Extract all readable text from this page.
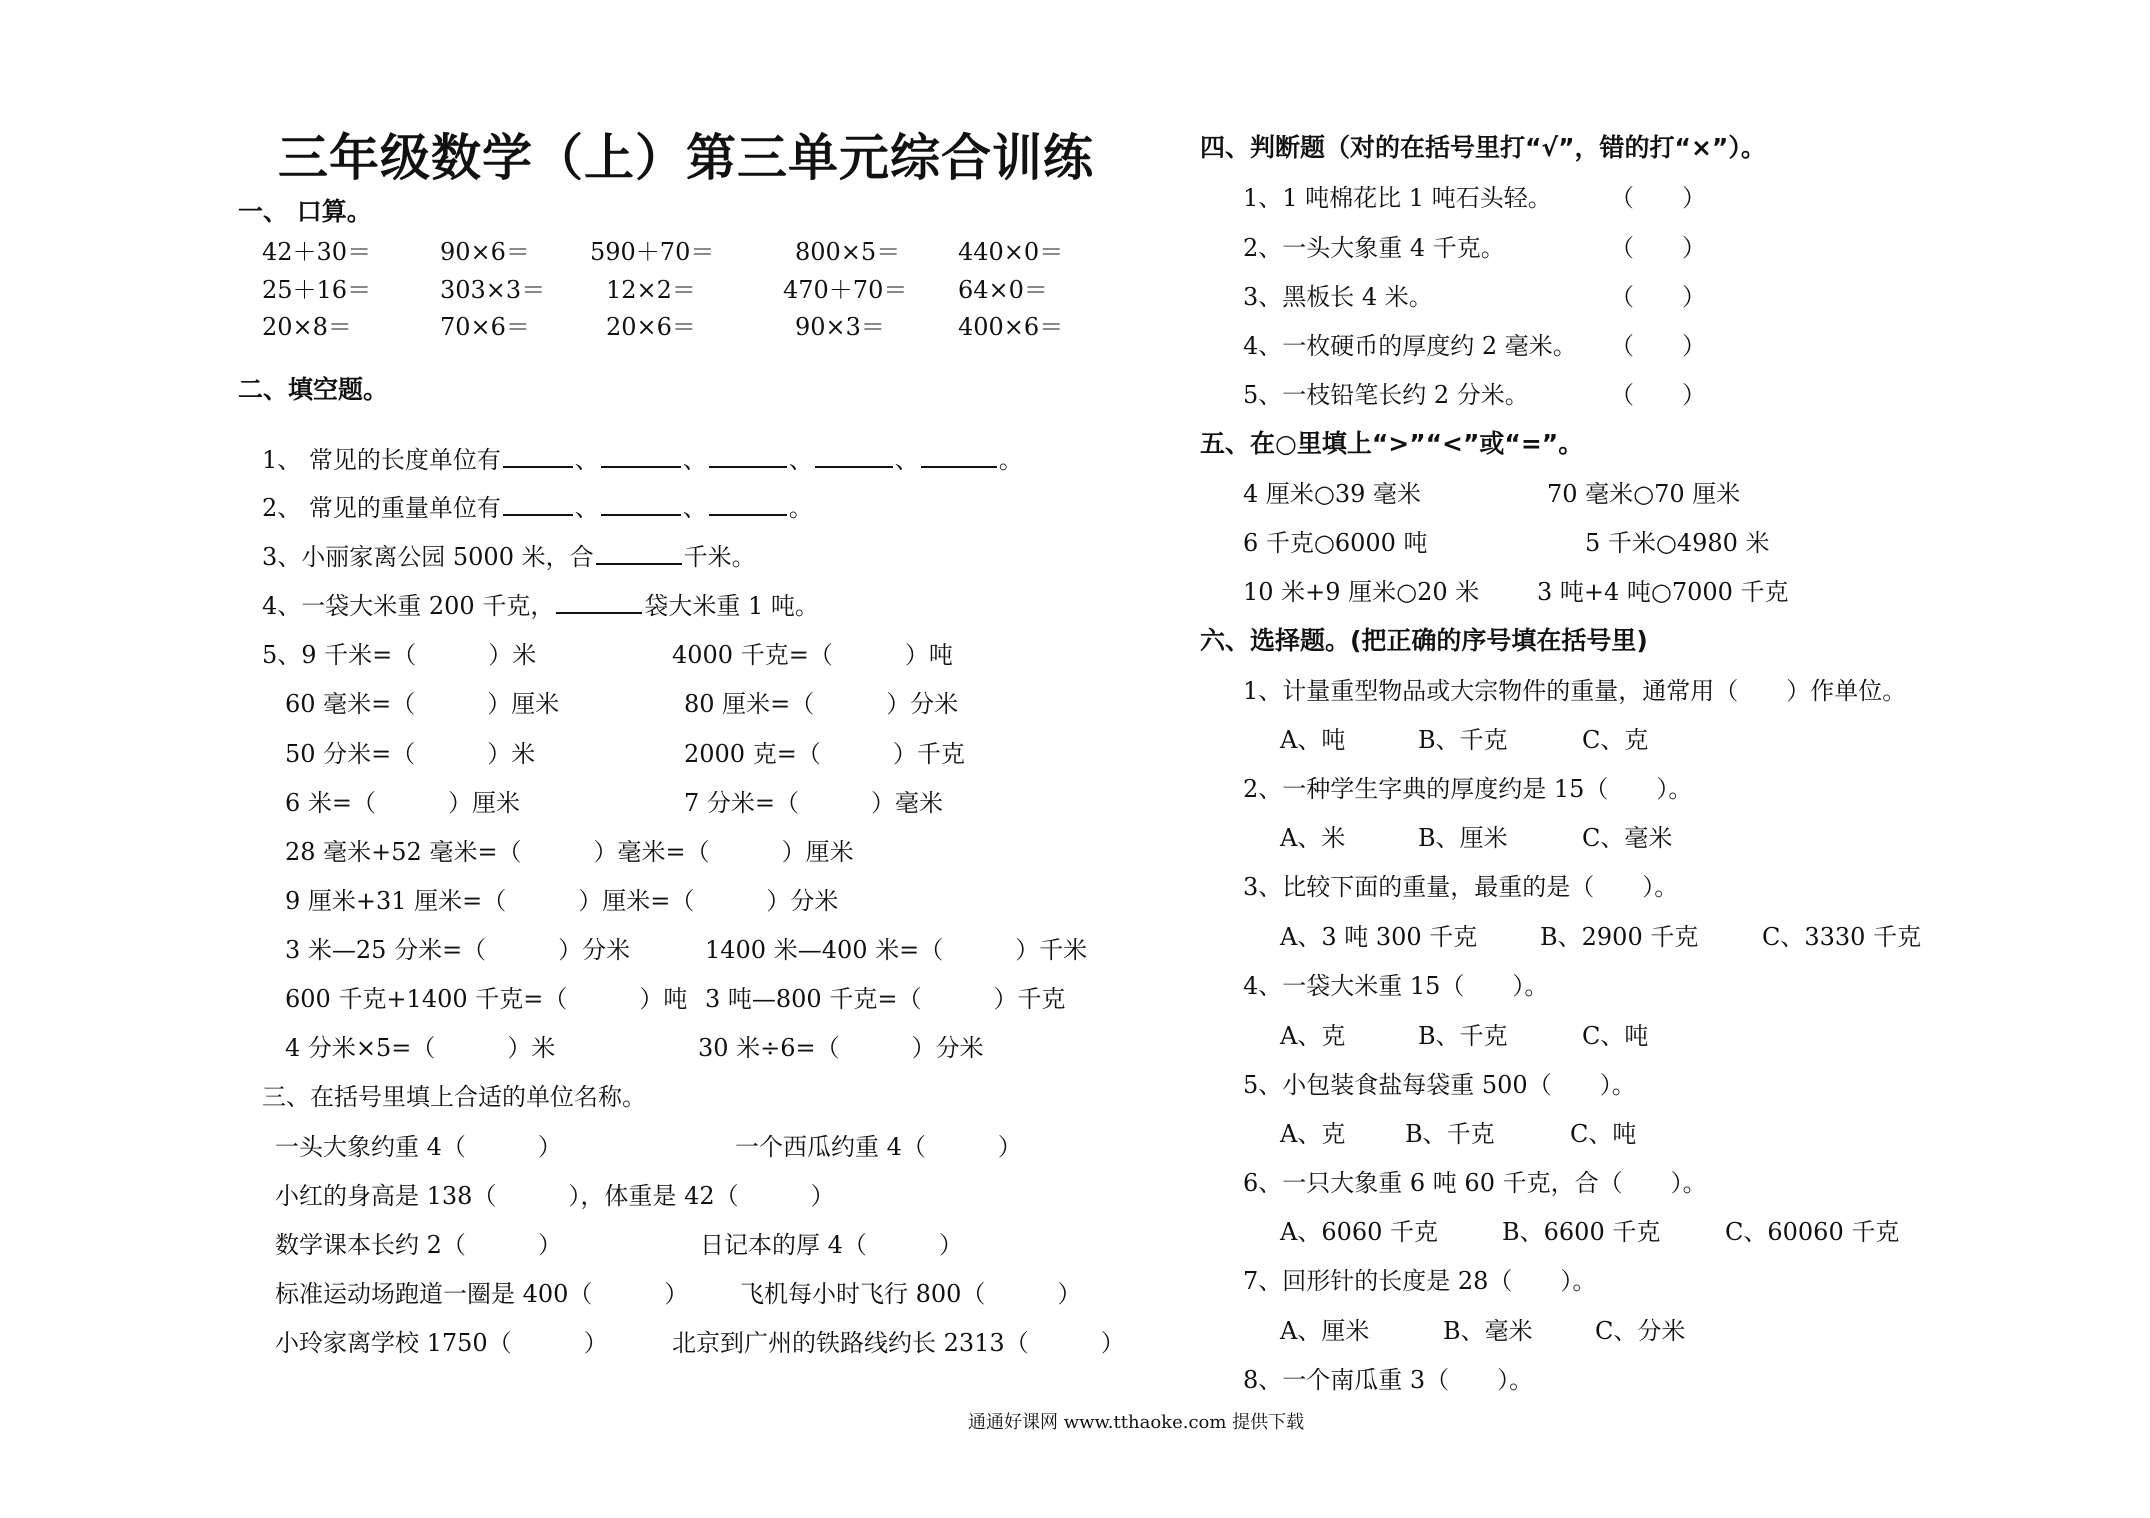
三年级数学（上）第三单元综合训练
一、 口算。
42＋30＝	90×6＝	590＋70＝	800×5＝ 440×0＝
25＋16＝	303×3＝	12×2＝	470＋70＝ 64×0＝
20×8＝	70×6＝	20×6＝	90×3＝	400×6＝
二、填空题。
1、 常见的长度单位有	、	、	、	、	。
2、 常见的重量单位有	、	、	。
3、小丽家离公园 5000 米，合	千米。
4、一袋大米重 200 千克，	袋大米重 1 吨。
5、9 千米=（　　　）米	4000 千克=（　　　）吨
60 毫米=（　　　）厘米	80 厘米=（　　　）分米
50 分米=（　　　）米	2000 克=（　　　）千克
6 米=（　　　）厘米	7 分米=（　　　）毫米
28 毫米+52 毫米=（　　　）毫米=（　　　）厘米
9 厘米+31 厘米=（　　　）厘米=（　　　）分米
3 米—25 分米=（　　　）分米	1400 米—400 米=（　　　）千米
600 千克+1400 千克=（　　　）吨 3 吨—800 千克=（　　　）千克
4 分米×5=（　　　）米	30 米÷6=（　　　）分米
三、在括号里填上合适的单位名称。
一头大象约重 4（　　　）	一个西瓜约重 4（　　　）
小红的身高是 138（　　　），体重是 42（　　　）
数学课本长约 2（　　　）	日记本的厚 4（　　　）
标准运动场跑道一圈是 400（　　　） 飞机每小时飞行 800（　　　）
小玲家离学校 1750（　　　）	北京到广州的铁路线约长 2313（　　　）
四、判断题（对的在括号里打“√”，错的打“×”）。
1、1 吨棉花比 1 吨石头轻。 （　　）
2、一头大象重 4 千克。	（　　）
3、黑板长 4 米。	（　　）
4、一枚硬币的厚度约 2 毫米。 （　　）
5、一枝铅笔长约 2 分米。	（　　）
五、在○里填上“>”“<”或“=”。
4 厘米○39 毫米	70 毫米○70 厘米
6 千克○6000 吨	5 千米○4980 米
10 米+9 厘米○20 米 3 吨+4 吨○7000 千克
六、选择题。(把正确的序号填在括号里)
1、计量重型物品或大宗物件的重量，通常用（　　）作单位。
A、吨	B、千克	C、克
2、一种学生字典的厚度约是 15（　　）。
A、米	B、厘米	C、毫米
3、比较下面的重量，最重的是（　　）。
A、3 吨 300 千克	B、2900 千克	C、3330 千克
4、一袋大米重 15（　　）。
A、克	B、千克	C、吨
5、小包装食盐每袋重 500（　　）。
A、克 B、千克	C、吨
6、一只大象重 6 吨 60 千克，合（　　）。
A、6060 千克	B、6600 千克	C、60060 千克
7、回形针的长度是 28（　　）。
A、厘米	B、毫米	C、分米
8、一个南瓜重 3（　　）。
通通好课网 www.tthaoke.com 提供下载
